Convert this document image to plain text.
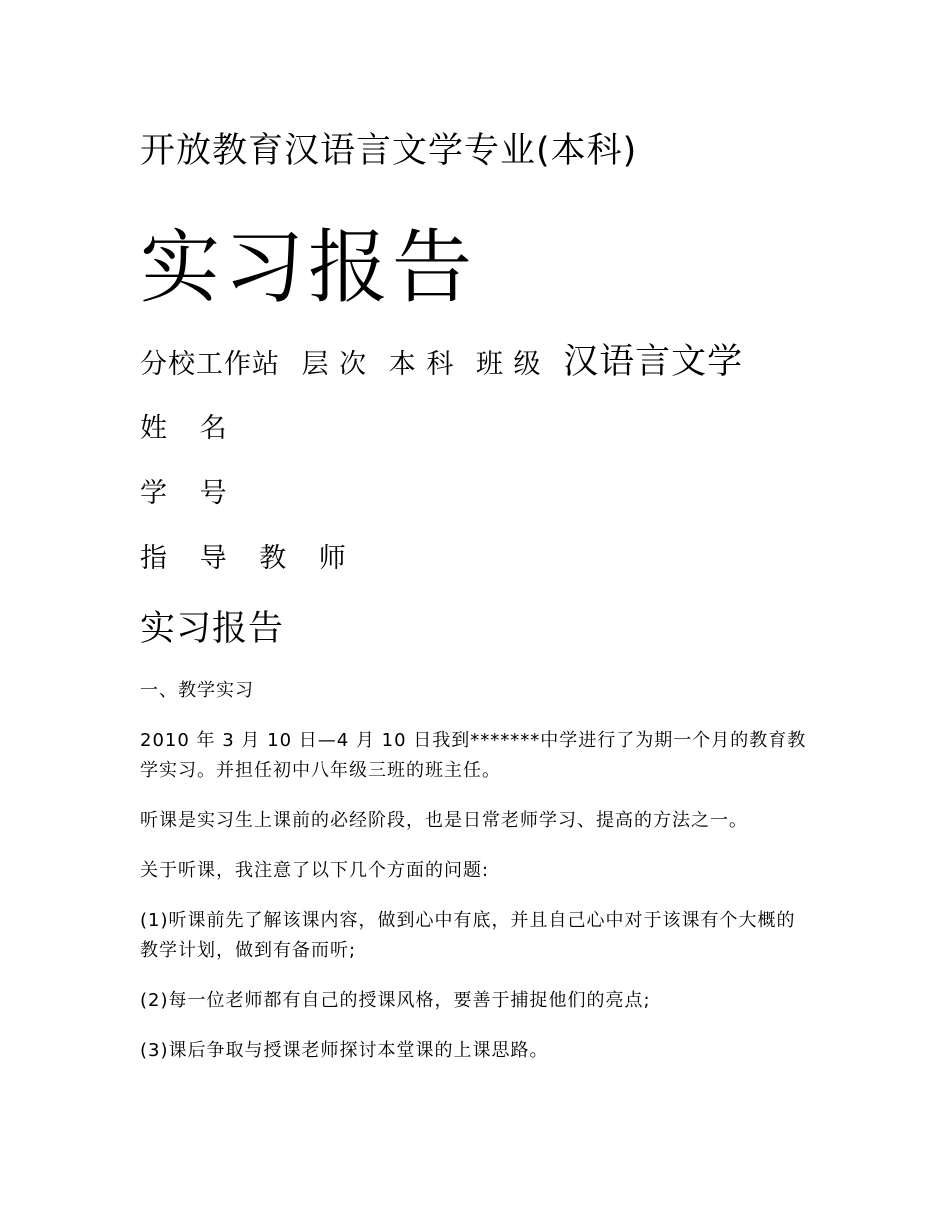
开放教育汉语言文学专业(本科)
实习报告
分校工作站 层 次 本 科 班 级 汉语言文学
姓 名
学 号
指 导 教 师
实习报告
一、教学实习
2010 年 3 月 10 日—4 月 10 日我到*******中学进行了为期一个月的教育教学实习。并担任初中八年级三班的班主任。
听课是实习生上课前的必经阶段，也是日常老师学习、提高的方法之一。
关于听课，我注意了以下几个方面的问题:
(1)听课前先了解该课内容，做到心中有底，并且自己心中对于该课有个大概的教学计划，做到有备而听;
(2)每一位老师都有自己的授课风格，要善于捕捉他们的亮点;
(3)课后争取与授课老师探讨本堂课的上课思路。
